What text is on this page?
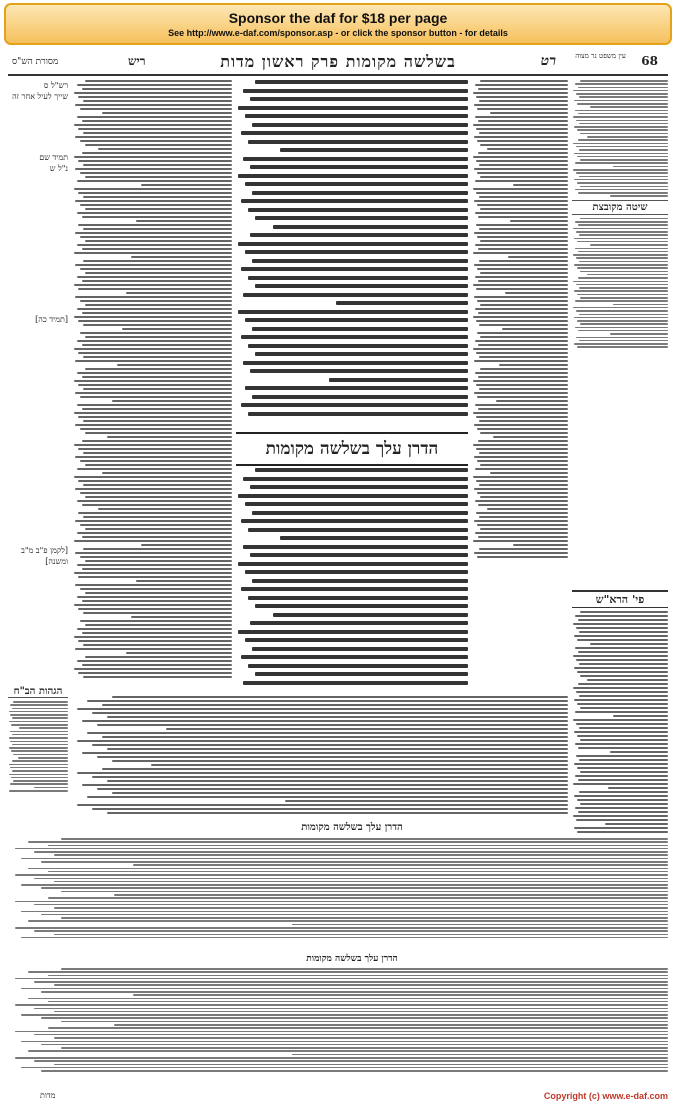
Sponsor the daf for $18 per page
See http://www.e-daf.com/sponsor.asp - or click the sponsor button - for details
68
עין משפט נר מצוה
רט
בשלשה מקומות פרק ראשון מדות
ריש
מסורת הש"ס
שיטה מקובצת
הדרן עלך בשלשה מקומות
רש"ל ס
שייך לעיל אחר זה
תמיד שם
נ"ל ש
[תמיד כה]
[לקמן פ"ב מ"ב ומשנה]
הגהות הב"ח
פי' הרא"ש
הדרן עלך בשלשה מקומות
הדרן עלך בשלשה מקומות
מדות	Copyright (c) www.e-daf.com
